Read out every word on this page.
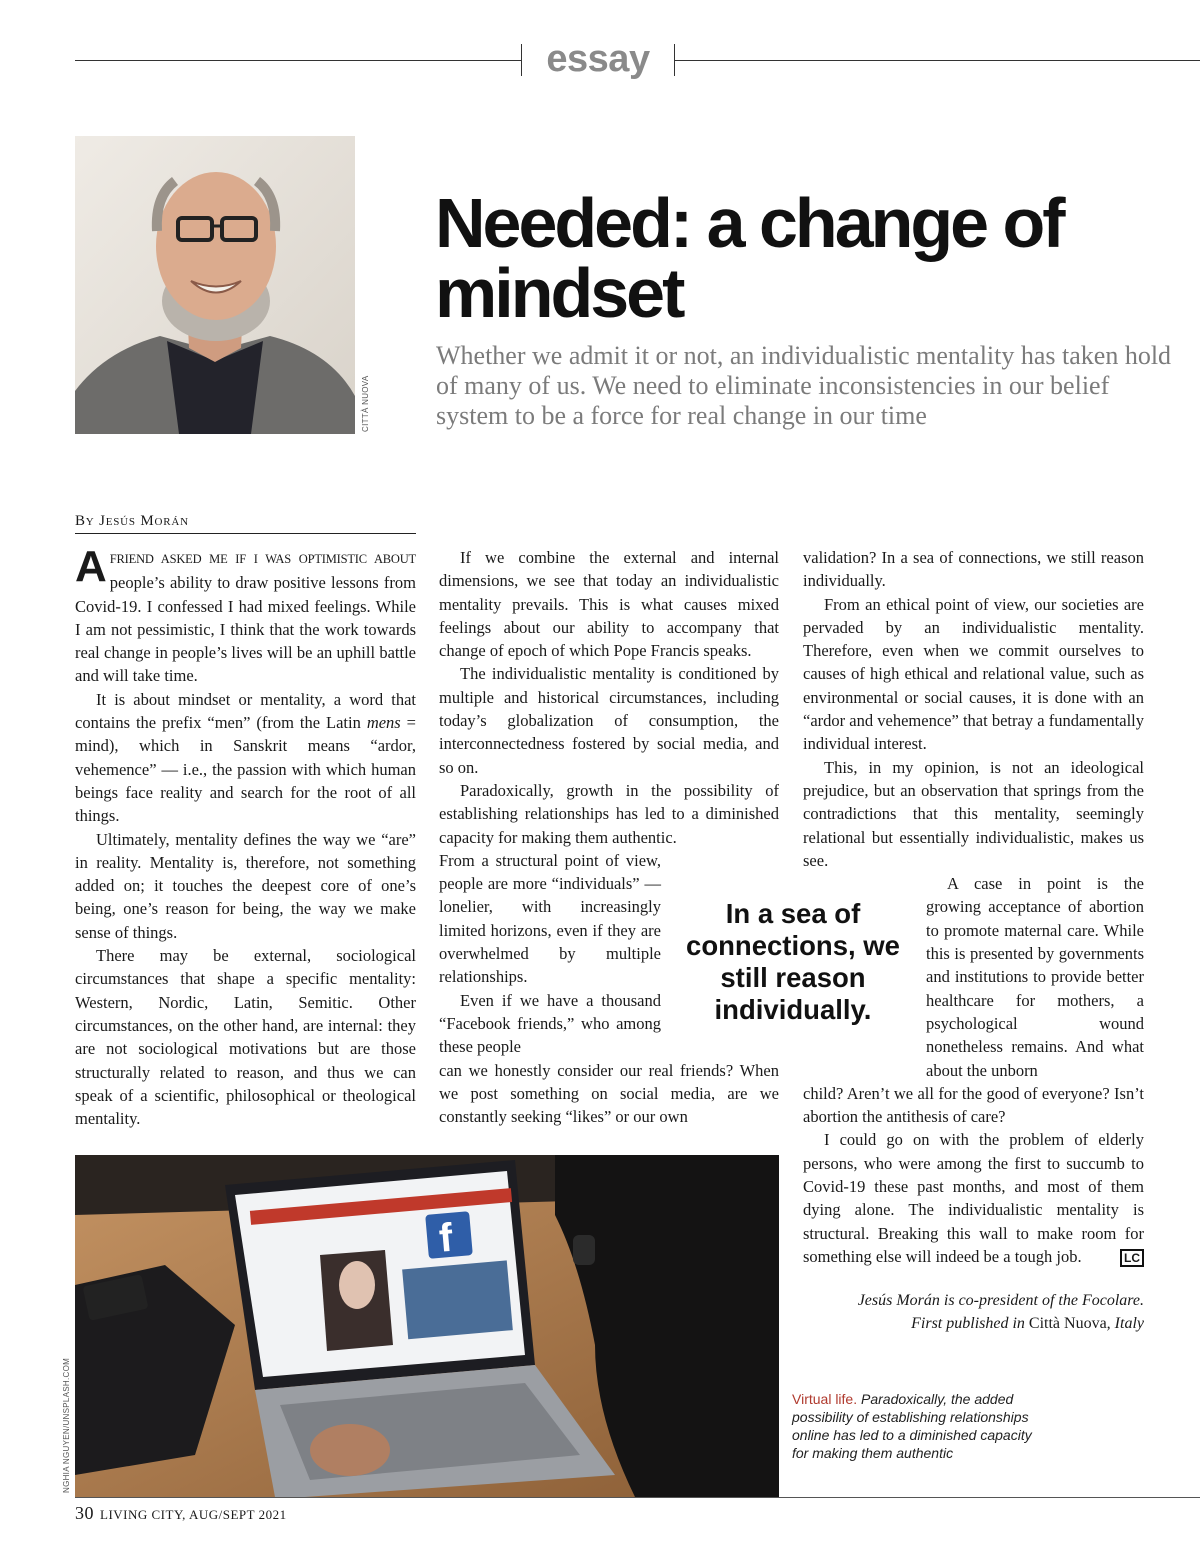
essay
CITTÀ NUOVA
Needed: a change of mindset

Whether we admit it or not, an individualistic mentality has taken hold of many of us. We need to eliminate inconsistencies in our belief system to be a force for real change in our time

By Jesús Morán

AFRIEND ASKED ME IF I WAS OPTIMISTIC ABOUT people’s ability to draw positive lessons from Covid-19. I confessed I had mixed feelings. While I am not pessimistic, I think that the work towards real change in people’s lives will be an uphill battle and will take time.

It is about mindset or mentality, a word that contains the prefix “men” (from the Latin mens = mind), which in Sanskrit means “ardor, vehemence” — i.e., the passion with which human beings face reality and search for the root of all things.

Ultimately, mentality defines the way we “are” in reality. Mentality is, therefore, not something added on; it touches the deepest core of one’s being, one’s reason for being, the way we make sense of things.

There may be external, sociological circumstances that shape a specific mentality: Western, Nordic, Latin, Semitic. Other circumstances, on the other hand, are internal: they are not sociological motivations but are those structurally related to reason, and thus we can speak of a scientific, philosophical or theological mentality.

If we combine the external and internal dimensions, we see that today an individualistic mentality prevails. This is what causes mixed feelings about our ability to accompany that change of epoch of which Pope Francis speaks.

The individualistic mentality is conditioned by multiple and historical circumstances, including today’s globalization of consumption, the interconnectedness fostered by social media, and so on.

Paradoxically, growth in the possibility of establishing relationships has led to a diminished capacity for making them authentic.

From a structural point of view, people are more “individuals” — lonelier, with increasingly limited horizons, even if they are overwhelmed by multiple relationships.

Even if we have a thousand “Facebook friends,” who among these people

can we honestly consider our real friends? When we post something on social media, are we constantly seeking “likes” or our own

In a sea of connections, we still reason individually.

validation? In a sea of connections, we still reason individually.

From an ethical point of view, our societies are pervaded by an individualistic mentality. Therefore, even when we commit ourselves to causes of high ethical and relational value, such as environmental or social causes, it is done with an “ardor and vehemence” that betray a fundamentally individual interest.

This, in my opinion, is not an ideological prejudice, but an observation that springs from the contradictions that this mentality, seemingly relational but essentially individualistic, makes us see.

A case in point is the growing acceptance of abortion to promote maternal care. While this is presented by governments and institutions to provide better healthcare for mothers, a psychological wound nonetheless remains. And what about the unborn

child? Aren’t we all for the good of everyone? Isn’t abortion the antithesis of care?

I could go on with the problem of elderly persons, who were among the first to succumb to Covid-19 these past months, and most of them dying alone. The individualistic mentality is structural. Breaking this wall to make room for something else will indeed be a tough job.	LC

Jesús Morán is co-president of the Focolare.
First published in Città Nuova, Italy

f
NGHIA NGUYEN/UNSPLASH.COM	Virtual life. Paradoxically, the added possibility of establishing relationships online has led to a diminished capacity for making them authentic

30 LIVING CITY, AUG/SEPT 2021
